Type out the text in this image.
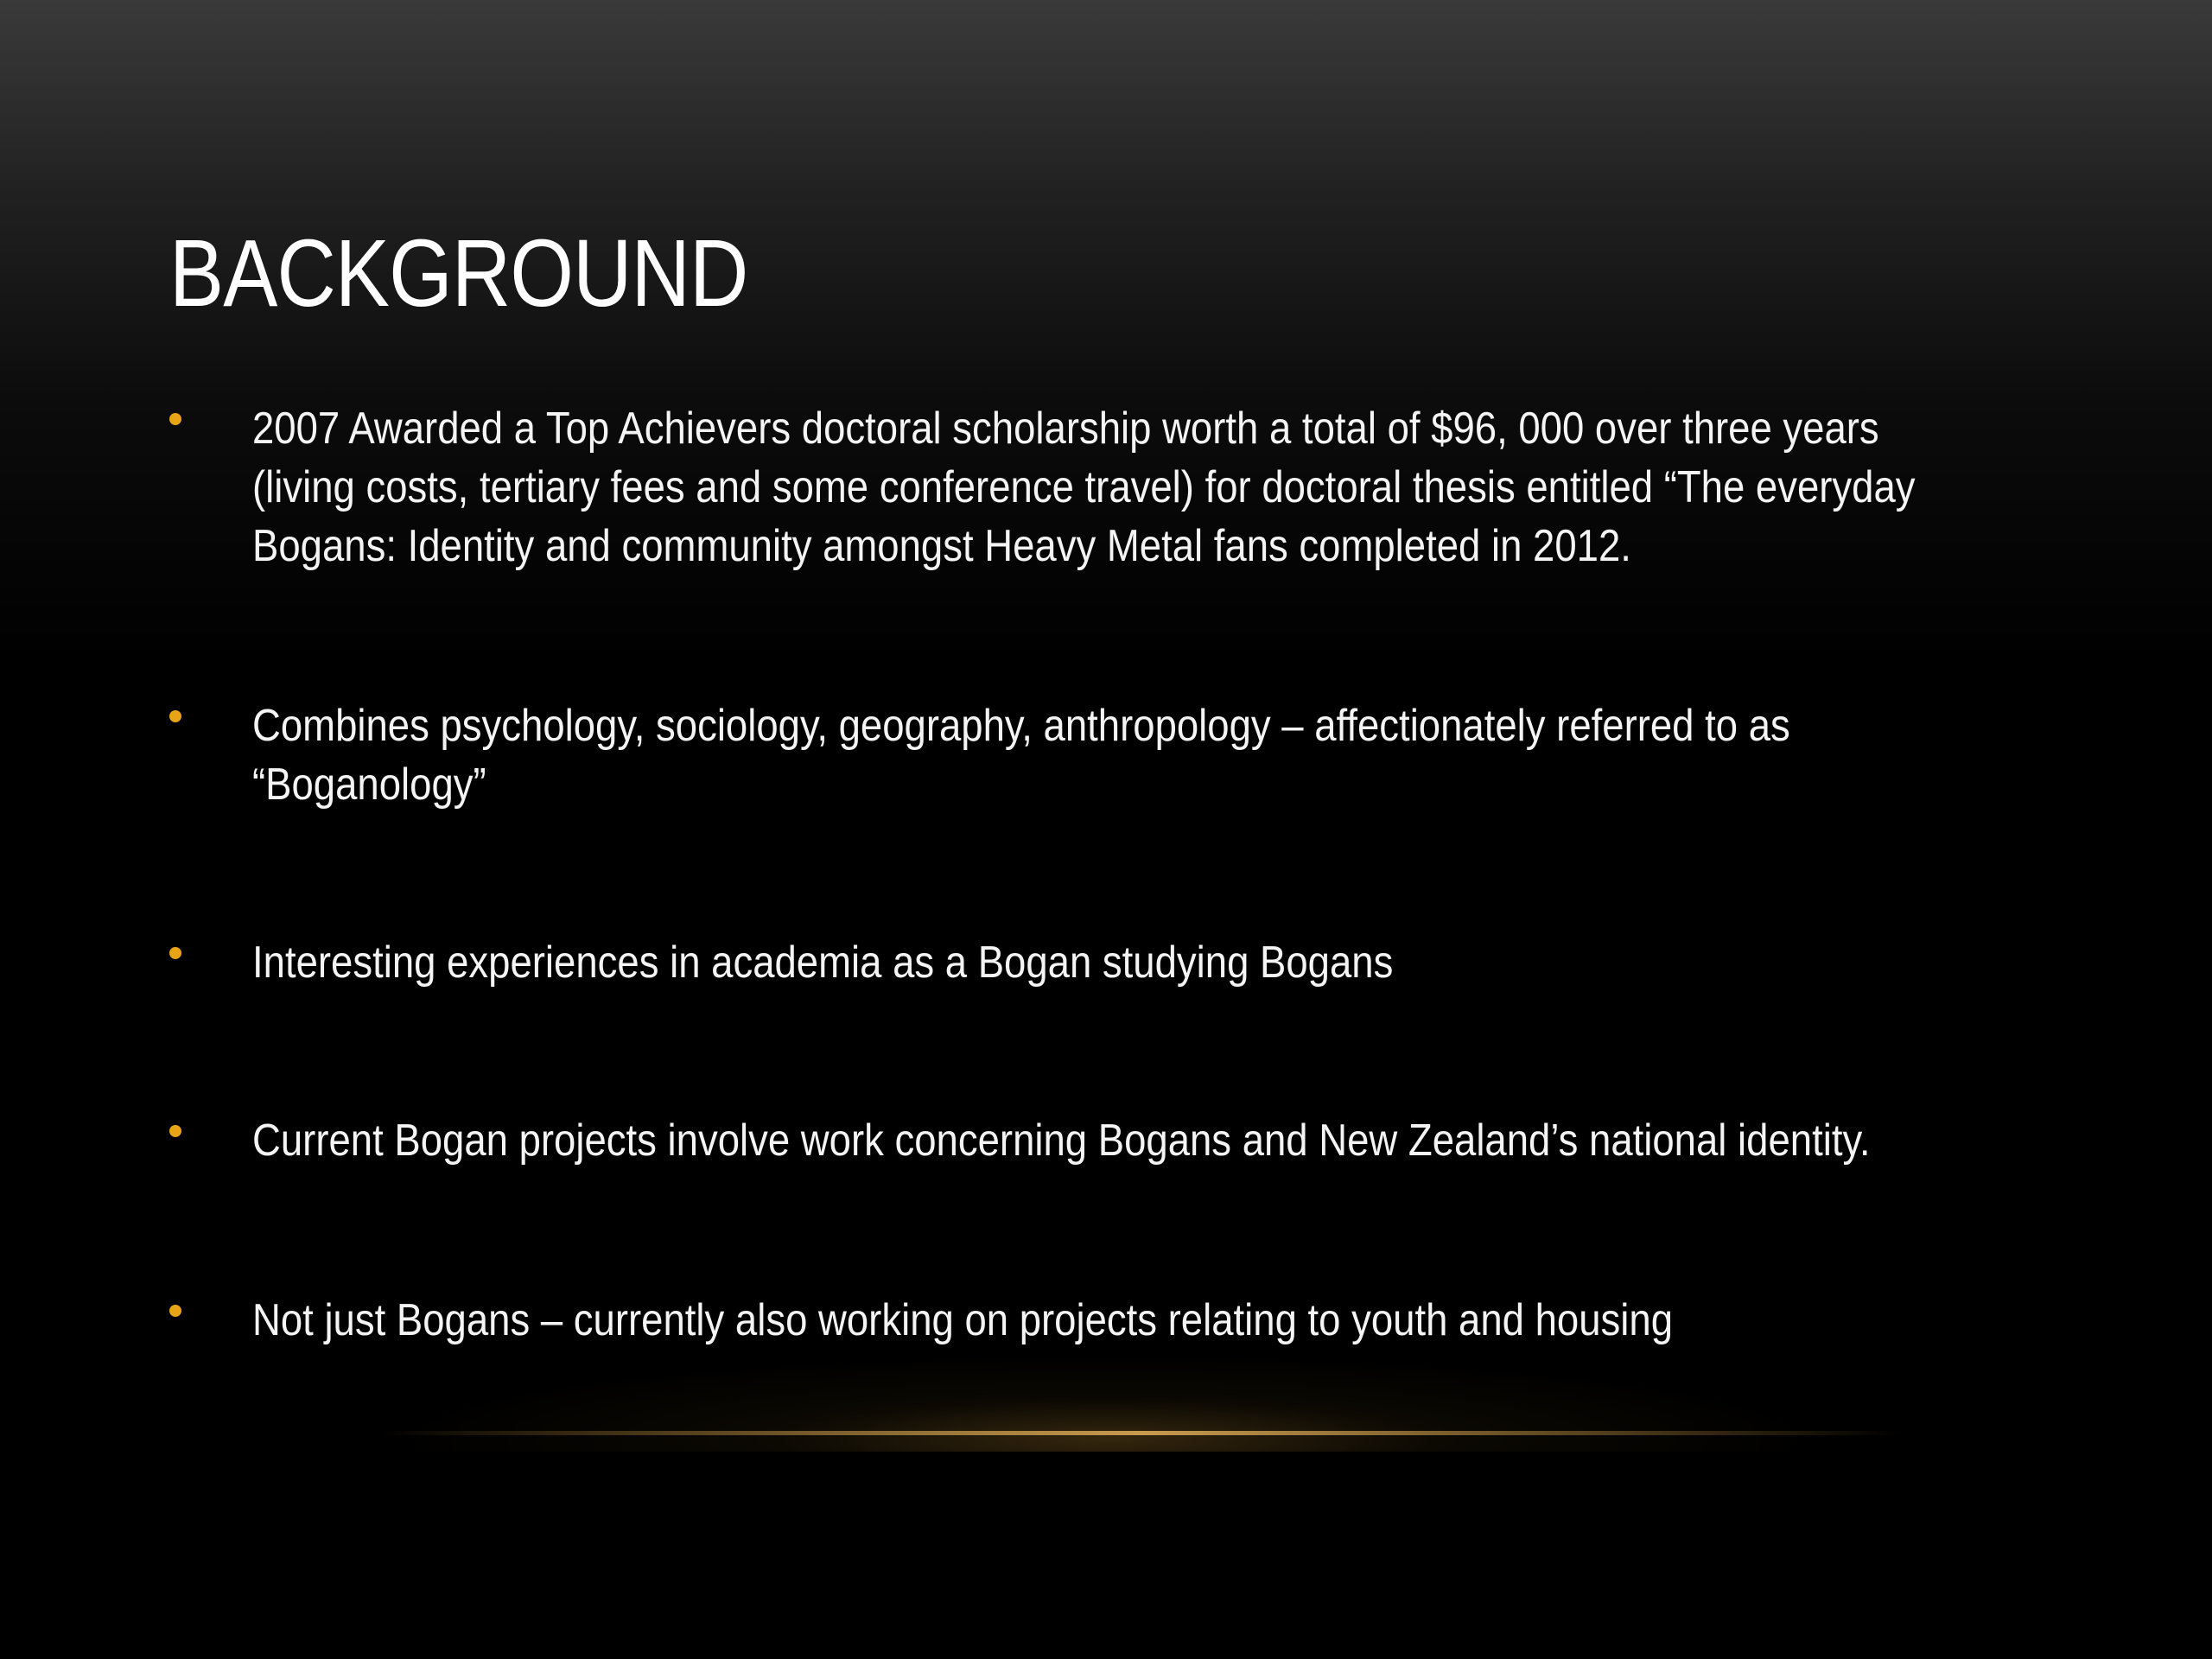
BACKGROUND
2007 Awarded a Top Achievers doctoral scholarship worth a total of $96, 000 over three years (living costs, tertiary fees and some conference travel) for doctoral thesis entitled “The everyday Bogans: Identity and community amongst Heavy Metal fans completed in 2012.
Combines psychology, sociology, geography, anthropology – affectionately referred to as “Boganology”
Interesting experiences in academia as a Bogan studying Bogans
Current Bogan projects involve work concerning Bogans and New Zealand’s national identity.
Not just Bogans – currently also working on projects relating to youth and housing
